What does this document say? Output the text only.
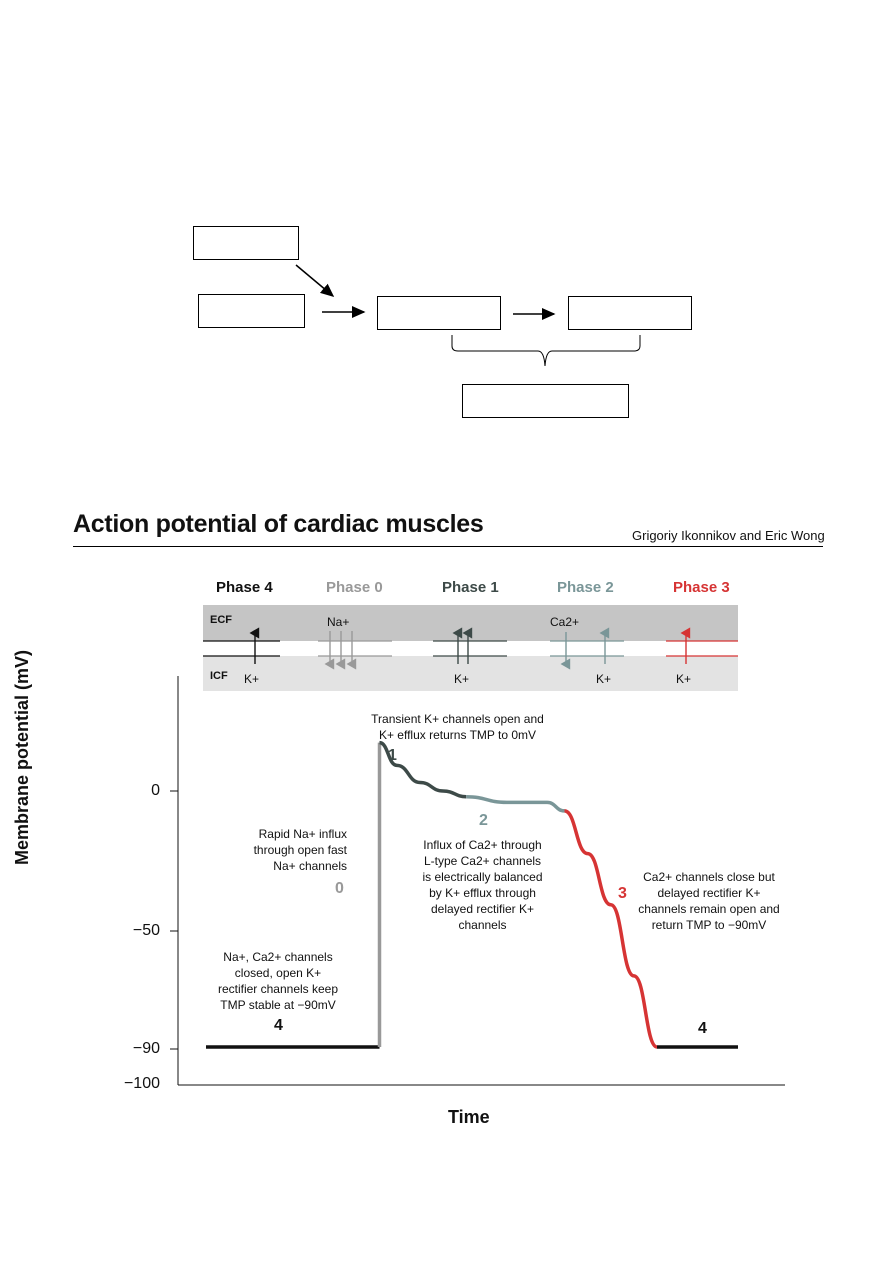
Action potential of cardiac muscles	Grigoriy Ikonnikov and Eric Wong
Phase 4	Phase 0	Phase 1	Phase 2	Phase 3
ECF
ICF K+
Na+
K+
Ca2+
K+	K+
0
−50
−90
−100
Time
Membrane potential (mV)	Transient K+ channels open and
K+ efflux returns TMP to 0mV
Rapid Na+ influx
through open fast
Na+ channels
Influx of Ca2+ through
L-type Ca2+ channels
is electrically balanced
by K+ efflux through
delayed rectifier K+
channels
Ca2+ channels close but
delayed rectifier K+
channels remain open and
return TMP to −90mV
Na+, Ca2+ channels
closed, open K+
rectifier channels keep
TMP stable at −90mV
1
2
0	3
4	4
